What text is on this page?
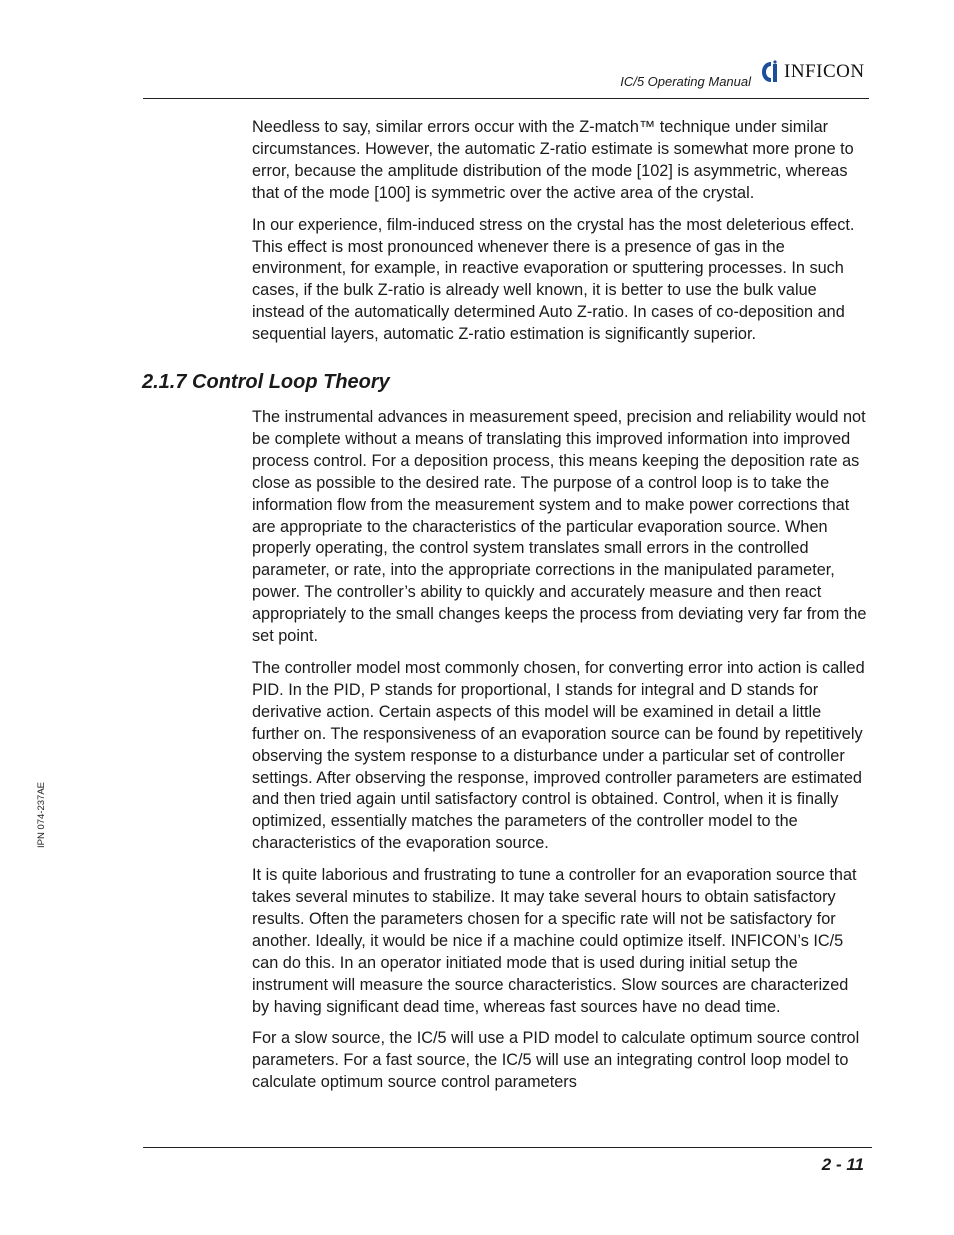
IC/5 Operating Manual INFICON

Needless to say, similar errors occur with the Z-match™ technique under similar circumstances. However, the automatic Z-ratio estimate is somewhat more prone to error, because the amplitude distribution of the mode [102] is asymmetric, whereas that of the mode [100] is symmetric over the active area of the crystal.

In our experience, film-induced stress on the crystal has the most deleterious effect. This effect is most pronounced whenever there is a presence of gas in the environment, for example, in reactive evaporation or sputtering processes. In such cases, if the bulk Z-ratio is already well known, it is better to use the bulk value instead of the automatically determined Auto Z-ratio. In cases of co-deposition and sequential layers, automatic Z-ratio estimation is significantly superior.

2.1.7 Control Loop Theory

The instrumental advances in measurement speed, precision and reliability would not be complete without a means of translating this improved information into improved process control. For a deposition process, this means keeping the deposition rate as close as possible to the desired rate. The purpose of a control loop is to take the information flow from the measurement system and to make power corrections that are appropriate to the characteristics of the particular evaporation source. When properly operating, the control system translates small errors in the controlled parameter, or rate, into the appropriate corrections in the manipulated parameter, power. The controller’s ability to quickly and accurately measure and then react appropriately to the small changes keeps the process from deviating very far from the set point.

The controller model most commonly chosen, for converting error into action is called PID. In the PID, P stands for proportional, I stands for integral and D stands for derivative action. Certain aspects of this model will be examined in detail a little further on. The responsiveness of an evaporation source can be found by repetitively observing the system response to a disturbance under a particular set of controller settings. After observing the response, improved controller parameters are estimated and then tried again until satisfactory control is obtained. Control, when it is finally optimized, essentially matches the parameters of the controller model to the characteristics of the evaporation source.

It is quite laborious and frustrating to tune a controller for an evaporation source that takes several minutes to stabilize. It may take several hours to obtain satisfactory results. Often the parameters chosen for a specific rate will not be satisfactory for another. Ideally, it would be nice if a machine could optimize itself. INFICON’s IC/5 can do this. In an operator initiated mode that is used during initial setup the instrument will measure the source characteristics. Slow sources are characterized by having significant dead time, whereas fast sources have no dead time.

For a slow source, the IC/5 will use a PID model to calculate optimum source control parameters. For a fast source, the IC/5 will use an integrating control loop model to calculate optimum source control parameters

IPN 074-237AE
2 - 11
